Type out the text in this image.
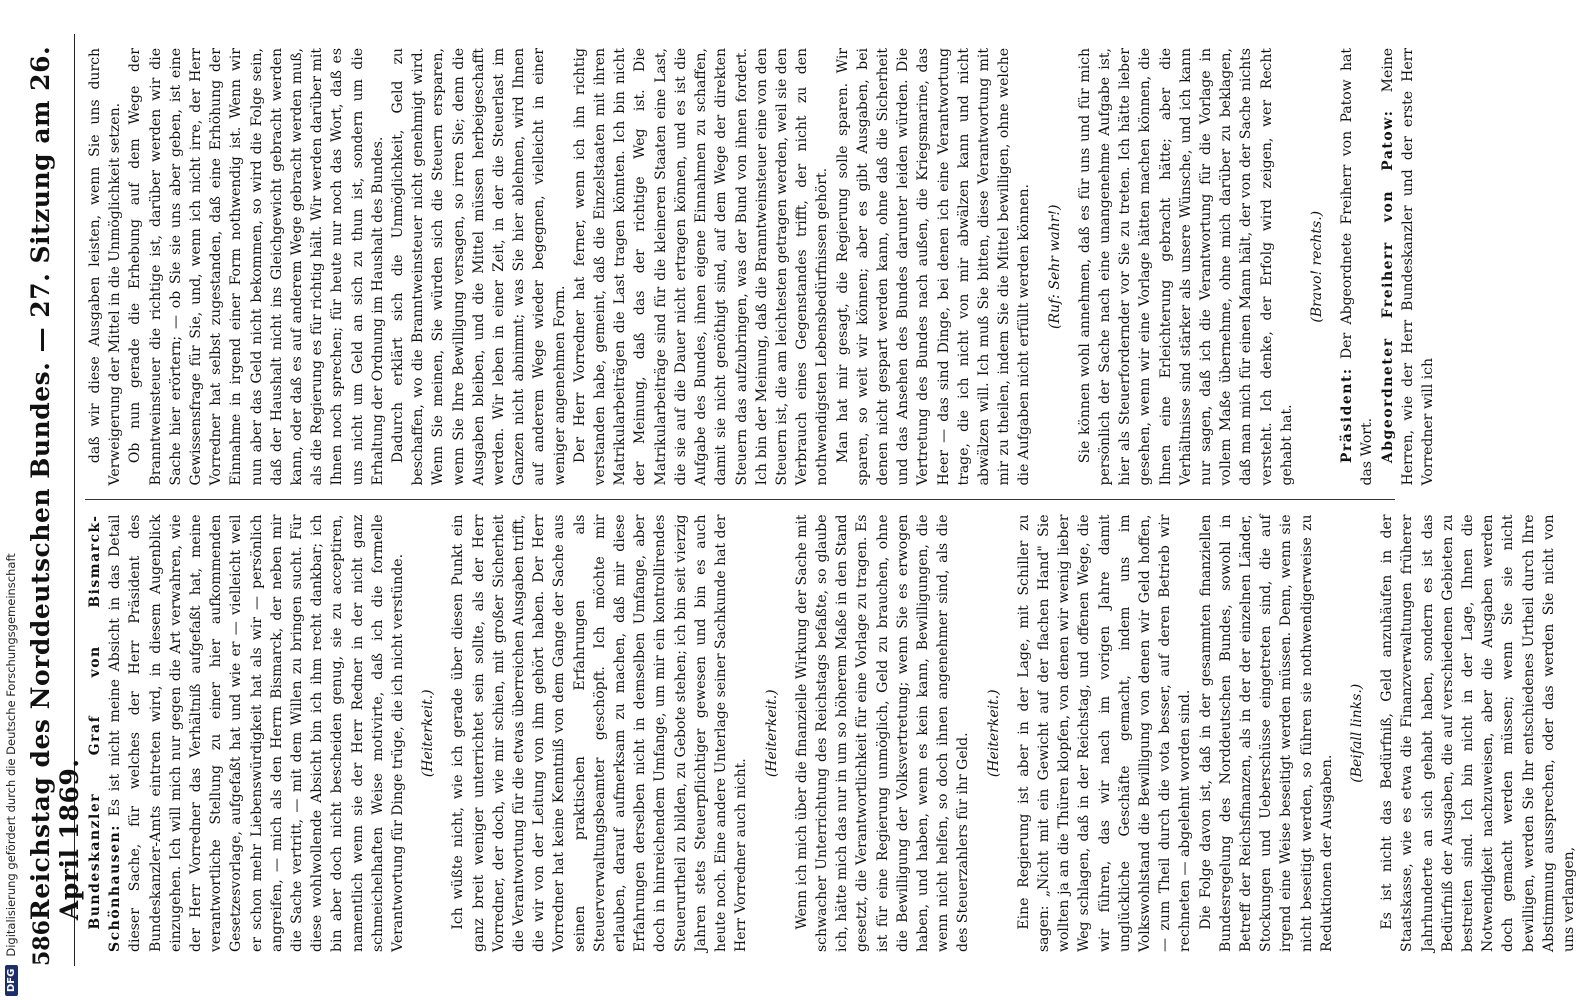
586
Reichstag des Norddeutschen Bundes. — 27. Sitzung am 26. April 1869. Bundeskanzler Graf von Bismarck-Schönhausen: Es ist nicht meine Absicht in das Detail dieser Sache, für welches der Herr Präsident des Bundeskanzler-Amts eintreten wird, in diesem Augenblick einzugehen. Ich will mich nur gegen die Art verwahren, wie der Herr Vorredner das Verhältniß aufgefaßt hat, meine verantwortliche Stellung zu einer hier aufkommenden Gesetzesvorlage, aufgefaßt hat und wie er — vielleicht weil er schon mehr Liebenswürdigkeit hat als wir — persönlich angreifen, — mich als den Herrn Bismarck, der neben mir die Sache vertritt, — mit dem Willen zu bringen sucht. Für diese wohlwollende Absicht bin ich ihm recht dankbar; ich bin aber doch nicht bescheiden genug, sie zu acceptiren, namentlich wenn sie der Herr Redner in der nicht ganz schmeichelhaften Weise motivirte, daß ich die formelle Verantwortung für Dinge trüge, die ich nicht verstünde. (Heiterkeit.) Ich wüßte nicht, wie ich gerade über diesen Punkt ein ganz breit weniger unterrichtet sein sollte, als der Herr Vorredner, der doch, wie mir schien, mit großer Sicherheit die Verantwortung für die etwas überreichen Ausgaben trifft, die wir von der Leitung von ihm gehört haben. Der Herr Vorredner hat keine Kenntniß von dem Gange der Sache aus seinen praktischen Erfahrungen als Steuerverwaltungsbeamter geschöpft. Ich möchte mir erlauben, darauf aufmerksam zu machen, daß mir diese Erfahrungen derselben nicht in demselben Umfange, aber doch in hinreichendem Umfange, um mir ein kontrollirendes Steuerurtheil zu bilden, zu Gebote stehen; ich bin seit vierzig Jahren stets Steuerpflichtiger gewesen und bin es auch heute noch. Eine andere Unterlage seiner Sachkunde hat der Herr Vorredner auch nicht.

(Heiterkeit.) Wenn ich mich über die finanzielle Wirkung der Sache mit schwacher Unterrichtung des Reichstags befaßte, so glaube ich, hätte mich das nur in um so höherem Maße in den Stand gesetzt, die Verantwortlichkeit für eine Vorlage zu tragen. Es ist für eine Regierung unmöglich, Geld zu brauchen, ohne die Bewilligung der Volksvertretung; wenn Sie es erwogen haben, und haben, wenn es kein kann, Bewilligungen, die wenn nicht helfen, so doch ihnen angenehmer sind, als die des Steuerzahlers für ihr Geld. (Heiterkeit.) Eine Regierung ist aber in der Lage, mit Schiller zu sagen: „Nicht mit ein Gewicht auf der flachen Hand" Sie wollten ja an die Thüren klopfen, von denen wir wenig lieber Weg schlagen, daß in der Reichstag, und offenen Wege, die wir führen, das wir nach im vorigen Jahre damit unglückliche Geschäfte gemacht, indem uns im Volkswohlstand die Bewilligung von denen wir Geld hoffen, — zum Theil durch die vota besser, auf deren Betrieb wir rechneten — abgelehnt worden sind. Die Folge davon ist, daß in der gesammten finanziellen Bundesregelung des Norddeutschen Bundes, sowohl in Betreff der Reichsfinanzen, als in der der einzelnen Länder, Stockungen und Ueberschüsse eingetreten sind, die auf irgend eine Weise beseitigt werden müssen. Denn, wenn sie nicht beseitigt werden, so führen sie nothwendigerweise zu Reduktionen der Ausgaben.

(Beifall links.) Es ist nicht das Bedürfniß, Geld anzuhäufen in der Staatskasse, wie es etwa die Finanzverwaltungen früherer Jahrhunderte an sich gehabt haben, sondern es ist das Bedürfniß der Ausgaben, die auf verschiedenen Gebieten zu bestreiten sind. Ich bin nicht in der Lage, Ihnen die Notwendigkeit nachzuweisen, aber die Ausgaben werden doch gemacht werden müssen; wenn Sie sie nicht bewilligen, werden Sie Ihr entschiedenes Urtheil durch Ihre Abstimmung aussprechen, oder das werden Sie nicht von uns verlangen,

daß wir diese Ausgaben leisten, wenn Sie uns durch Verweigerung der Mittel in die Unmöglichkeit setzen. Ob nun gerade die Erhebung auf dem Wege der Branntweinsteuer die richtige ist, darüber werden wir die Sache hier erörtern; — ob Sie sie uns aber geben, ist eine Gewissensfrage für Sie, und, wenn ich nicht irre, der Herr Vorredner hat selbst zugestanden, daß eine Erhöhung der Einnahme in irgend einer Form nothwendig ist. Wenn wir nun aber das Geld nicht bekommen, so wird die Folge sein, daß der Haushalt nicht ins Gleichgewicht gebracht werden kann, oder daß es auf anderem Wege gebracht werden muß, als die Regierung es für richtig hält. Wir werden darüber mit Ihnen noch sprechen; für heute nur noch das Wort, daß es uns nicht um Geld an sich zu thun ist, sondern um die Erhaltung der Ordnung im Haushalt des Bundes. Dadurch erklärt sich die Unmöglichkeit, Geld zu beschaffen, wo die Branntweinsteuer nicht genehmigt wird. Wenn Sie meinen, Sie würden sich die Steuern ersparen, wenn Sie Ihre Bewilligung versagen, so irren Sie; denn die Ausgaben bleiben, und die Mittel müssen herbeigeschafft werden. Wir leben in einer Zeit, in der die Steuerlast im Ganzen nicht abnimmt; was Sie hier ablehnen, wird Ihnen auf anderem Wege wieder begegnen, vielleicht in einer weniger angenehmen Form. Der Herr Vorredner hat ferner, wenn ich ihn richtig verstanden habe, gemeint, daß die Einzelstaaten mit ihren Matrikularbeiträgen die Last tragen könnten. Ich bin nicht der Meinung, daß das der richtige Weg ist. Die Matrikularbeiträge sind für die kleineren Staaten eine Last, die sie auf die Dauer nicht ertragen können, und es ist die Aufgabe des Bundes, ihnen eigene Einnahmen zu schaffen, damit sie nicht genöthigt sind, auf dem Wege der direkten Steuern das aufzubringen, was der Bund von ihnen fordert. Ich bin der Meinung, daß die Branntweinsteuer eine von den Steuern ist, die am leichtesten getragen werden, weil sie den Verbrauch eines Gegenstandes trifft, der nicht zu den nothwendigsten Lebensbedürfnissen gehört. Man hat mir gesagt, die Regierung solle sparen. Wir sparen, so weit wir können; aber es gibt Ausgaben, bei denen nicht gespart werden kann, ohne daß die Sicherheit und das Ansehen des Bundes darunter leiden würden. Die Vertretung des Bundes nach außen, die Kriegsmarine, das Heer — das sind Dinge, bei denen ich eine Verantwortung trage, die ich nicht von mir abwälzen kann und nicht abwälzen will. Ich muß Sie bitten, diese Verantwortung mit mir zu theilen, indem Sie die Mittel bewilligen, ohne welche die Aufgaben nicht erfüllt werden können. (Ruf: Sehr wahr!) Sie können wohl annehmen, daß es für uns und für mich persönlich der Sache nach eine unangenehme Aufgabe ist, hier als Steuerfordernder vor Sie zu treten. Ich hätte lieber gesehen, wenn wir eine Vorlage hätten machen können, die Ihnen eine Erleichterung gebracht hätte; aber die Verhältnisse sind stärker als unsere Wünsche, und ich kann nur sagen, daß ich die Verantwortung für die Vorlage in vollem Maße übernehme, ohne mich darüber zu beklagen, daß man mich für einen Mann hält, der von der Sache nichts versteht. Ich denke, der Erfolg wird zeigen, wer Recht gehabt hat.

(Bravo! rechts.)

Präsident: Der Abgeordnete Freiherr von Patow hat das Wort. Abgeordneter Freiherr von Patow: Meine Herren, wie der Herr Bundeskanzler und der erste Herr Vorredner will ich

DFG
Digitalisierung gefördert durch die Deutsche Forschungsgemeinschaft
